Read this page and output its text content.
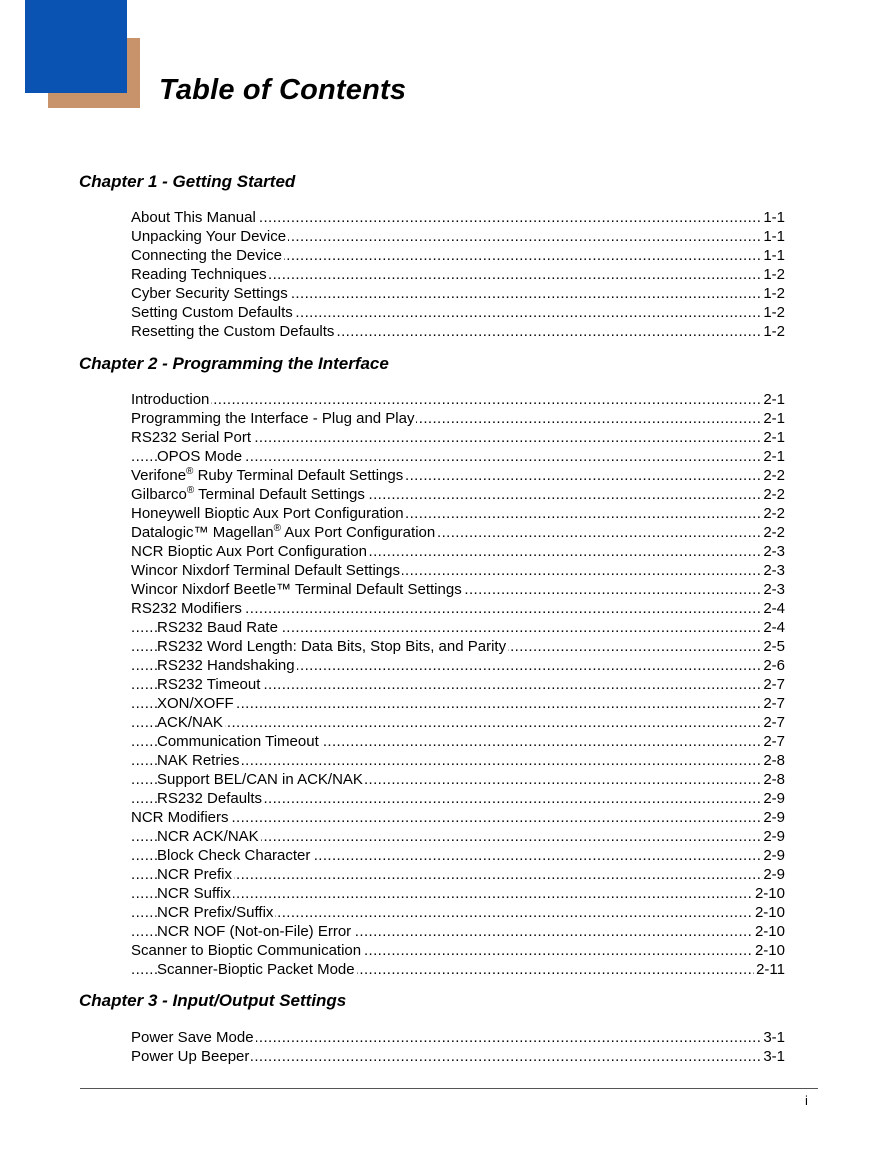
Table of Contents
Chapter 1 - Getting Started
..... About This Manual	1-1
..... Unpacking Your Device	1-1
..... Connecting the Device	1-1
..... Reading Techniques	1-2
..... Cyber Security Settings	1-2
..... Setting Custom Defaults	1-2
..... Resetting the Custom Defaults	1-2
Chapter 2 - Programming the Interface
..... Introduction	2-1
..... Programming the Interface - Plug and Play	2-1
..... RS232 Serial Port	2-1
..... OPOS Mode	2-1
..... Verifone® Ruby Terminal Default Settings	2-2
..... Gilbarco® Terminal Default Settings	2-2
..... Honeywell Bioptic Aux Port Configuration	2-2
..... Datalogic™ Magellan® Aux Port Configuration	2-2
..... NCR Bioptic Aux Port Configuration	2-3
..... Wincor Nixdorf Terminal Default Settings	2-3
..... Wincor Nixdorf Beetle™ Terminal Default Settings	2-3
..... RS232 Modifiers	2-4
..... RS232 Baud Rate	2-4
..... RS232 Word Length: Data Bits, Stop Bits, and Parity	2-5
..... RS232 Handshaking	2-6
..... RS232 Timeout	2-7
..... XON/XOFF	2-7
..... ACK/NAK	2-7
..... Communication Timeout	2-7
..... NAK Retries	2-8
..... Support BEL/CAN in ACK/NAK	2-8
..... RS232 Defaults	2-9
..... NCR Modifiers	2-9
..... NCR ACK/NAK	2-9
..... Block Check Character	2-9
..... NCR Prefix	2-9
..... NCR Suffix	2-10
..... NCR Prefix/Suffix	2-10
..... NCR NOF (Not-on-File) Error	2-10
..... Scanner to Bioptic Communication	2-10
..... Scanner-Bioptic Packet Mode	2-11
Chapter 3 - Input/Output Settings
..... Power Save Mode	3-1
..... Power Up Beeper	3-1
i
